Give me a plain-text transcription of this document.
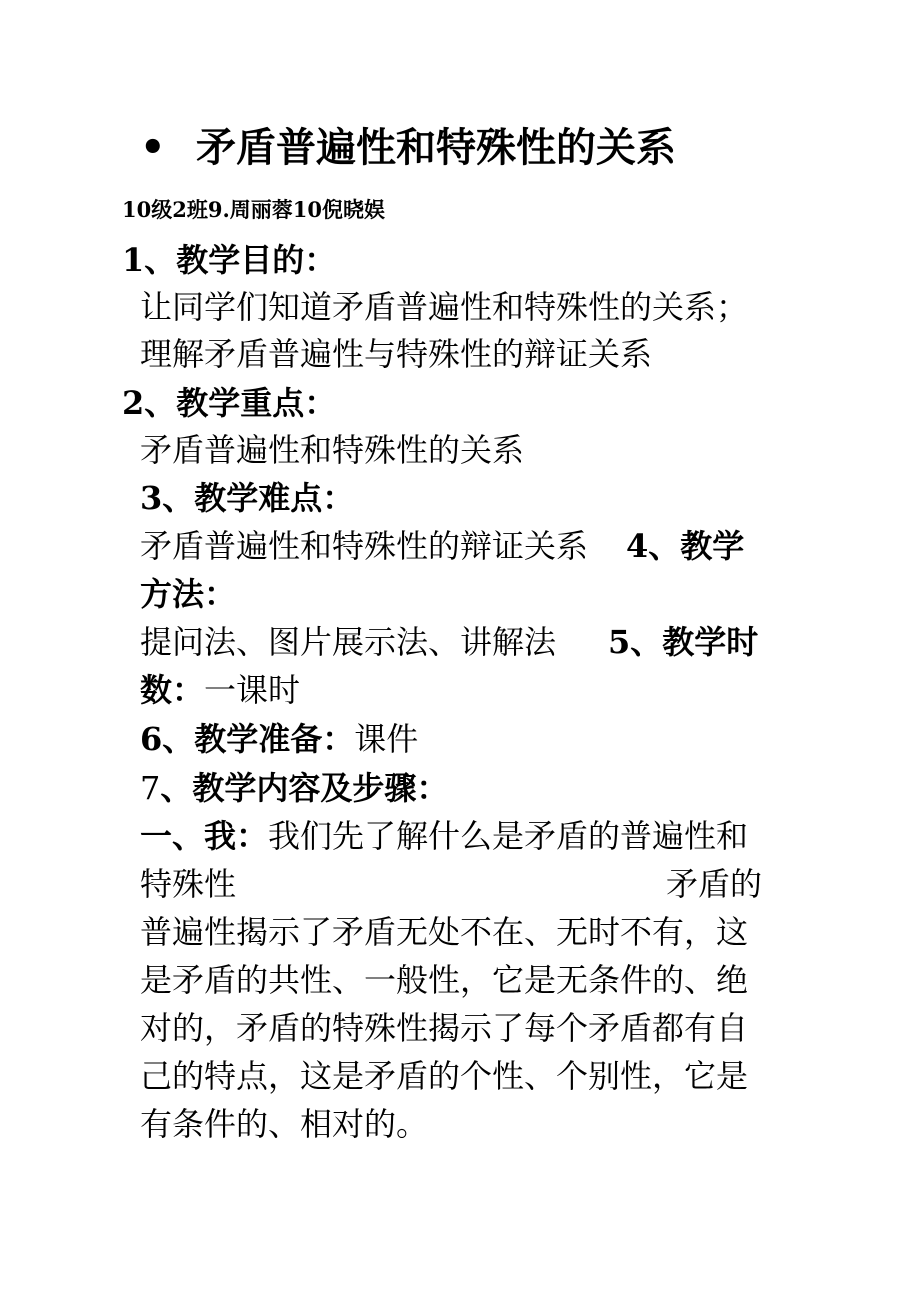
• 矛盾普遍性和特殊性的关系
10级2班9.周丽蓉10倪晓娱
1、教学目的：
让同学们知道矛盾普遍性和特殊性的关系；
理解矛盾普遍性与特殊性的辩证关系
2、教学重点：
矛盾普遍性和特殊性的关系
3、教学难点：
矛盾普遍性和特殊性的辩证关系 4、教学
方法：
提问法、图片展示法、讲解法 5、教学时
数：一课时
6、教学准备：课件
7、教学内容及步骤：
一、我：我们先了解什么是矛盾的普遍性和
特殊性	矛盾的
普遍性揭示了矛盾无处不在、无时不有，这
是矛盾的共性、一般性，它是无条件的、绝
对的，矛盾的特殊性揭示了每个矛盾都有自
己的特点，这是矛盾的个性、个别性，它是
有条件的、相对的。
